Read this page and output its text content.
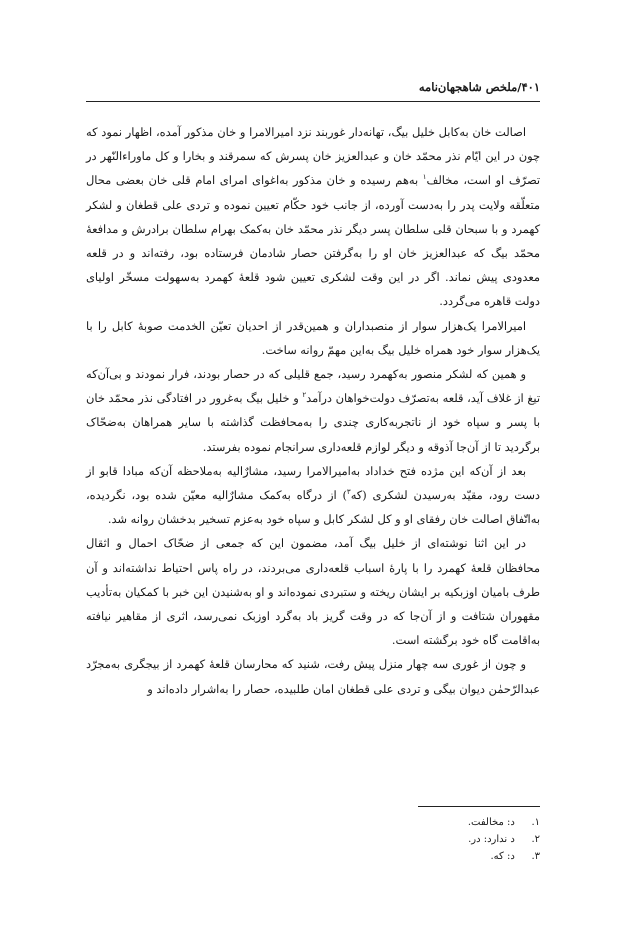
۴۰۱/ملخص شاهجهان‌نامه

اصالت خان به‌کابل خلیل بیگ، تهانه‌دار غوربند نزد امیرالامرا و خان مذکور آمده، اظهار نمود که چون در این ایّام نذر محمّد خان و عبدالعزیز خان پسرش که سمرقند و بخارا و کل ماوراءالنّهر در تصرّف او است، مخالف$^۱$ به‌هم رسیده و خان مذکور به‌اغوای امرای امام قلی خان بعضی محال متعلّقه ولایت پدر را به‌دست آورده، از جانب خود حکّام تعیین نموده و تردی علی قطغان و لشکر کهمرد و با سبحان قلی سلطان پسر دیگر نذر محمّد خان به‌کمک بهرام سلطان برادرش و مدافعهٔ محمّد بیگ که عبدالعزیز خان او را به‌گرفتن حصار شادمان فرستاده بود، رفته‌اند و در قلعه معدودی پیش نماند. اگر در این وقت لشکری تعیین شود قلعهٔ کهمرد به‌سهولت مسخّر اولیای دولت قاهره می‌گردد.

امیرالامرا یک‌هزار سوار از منصبداران و همین‌قدر از احدیان تعیّن الخدمت صوبهٔ کابل را با یک‌هزار سوار خود همراه خلیل بیگ به‌این مهمّ روانه ساخت.

و همین که لشکر منصور به‌کهمرد رسید، جمع قلیلی که در حصار بودند، فرار نمودند و بی‌آن‌که تیغ از غلاف آید، قلعه به‌تصرّف دولت‌خواهان درآمد$^۲$ و خلیل بیگ به‌غرور در افتادگی نذر محمّد خان با پسر و سپاه خود از ناتجربه‌کاری چندی را به‌محافظت گذاشته با سایر همراهان به‌ضحّاک برگردید تا از آن‌جا آذوقه و دیگر لوازم قلعه‌داری سرانجام نموده بفرستد.

بعد از آن‌که این مژده فتح خداداد به‌امیرالامرا رسید، مشارٌالیه به‌ملاحظه آن‌که مبادا قابو از دست رود، مقیّد به‌رسیدن لشکری (که$^۳$) از درگاه به‌کمک مشارٌالیه معیّن شده بود، نگردیده، به‌اتّفاق اصالت خان رفقای او و کل لشکر کابل و سپاه خود به‌عزم تسخیر بدخشان روانه شد.

در این اثنا نوشته‌ای از خلیل بیگ آمد، مضمون این که جمعی از ضحّاک احمال و اثقال محافظان قلعهٔ کهمرد را با پارهٔ اسباب قلعه‌داری می‌بردند، در راه پاس احتیاط نداشته‌اند و آن طرف بامیان اوزبکیه بر ایشان ریخته و ستبردی نموده‌اند و او به‌شنیدن این خبر با کمکیان به‌تأدیب مقهوران شتافت و از آن‌جا که در وقت گریز باد به‌گرد اوزبک نمی‌رسد، اثری از مقاهیر نیافته به‌اقامت گاه خود برگشته است.

و چون از غوری سه چهار منزل پیش رفت، شنید که محارسان قلعهٔ کهمرد از بیجگری به‌مجرّد عبدالرّحمٰن دیوان بیگی و تردی علی قطغان امان طلبیده، حصار را به‌اشرار داده‌اند و

۱. د: مخالفت.
۲. د ندارد: در.
۳. د: که.
